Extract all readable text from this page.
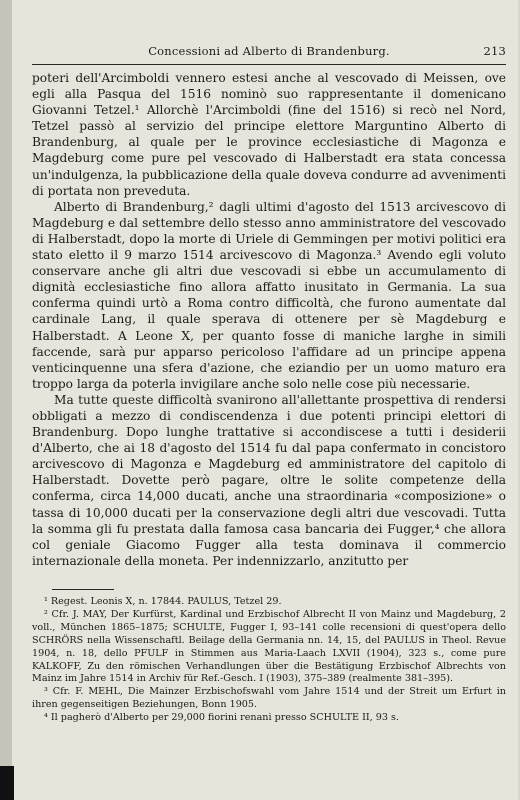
Concessioni ad Alberto di Brandenburg.	213

poteri dell'Arcimboldi vennero estesi anche al vescovado di Meissen, ove egli alla Pasqua del 1516 nominò suo rappresentante il domenicano Giovanni Tetzel.¹ Allorchè l'Arcimboldi (fine del 1516) si recò nel Nord, Tetzel passò al servizio del principe elettore Marguntino Alberto di Brandenburg, al quale per le province ecclesiastiche di Magonza e Magdeburg come pure pel vescovado di Halberstadt era stata concessa un'indulgenza, la pubblicazione della quale doveva condurre ad avvenimenti di portata non preveduta.

Alberto di Brandenburg,² dagli ultimi d'agosto del 1513 arcivescovo di Magdeburg e dal settembre dello stesso anno amministratore del vescovado di Halberstadt, dopo la morte di Uriele di Gemmingen per motivi politici era stato eletto il 9 marzo 1514 arcivescovo di Magonza.³ Avendo egli voluto conservare anche gli altri due vescovadi si ebbe un accumulamento di dignità ecclesiastiche fino allora affatto inusitato in Germania. La sua conferma quindi urtò a Roma contro difficoltà, che furono aumentate dal cardinale Lang, il quale sperava di ottenere per sè Magdeburg e Halberstadt. A Leone X, per quanto fosse di maniche larghe in simili faccende, sarà pur apparso pericoloso l'affidare ad un principe appena venticinquenne una sfera d'azione, che eziandio per un uomo maturo era troppo larga da poterla invigilare anche solo nelle cose più necessarie.

Ma tutte queste difficoltà svanirono all'allettante prospettiva di rendersi obbligati a mezzo di condiscendenza i due potenti principi elettori di Brandenburg. Dopo lunghe trattative si accondiscese a tutti i desiderii d'Alberto, che ai 18 d'agosto del 1514 fu dal papa confermato in concistoro arcivescovo di Magonza e Magdeburg ed amministratore del capitolo di Halberstadt. Dovette però pagare, oltre le solite competenze della conferma, circa 14,000 ducati, anche una straordinaria «composizione» o tassa di 10,000 ducati per la conservazione degli altri due vescovadi. Tutta la somma gli fu prestata dalla famosa casa bancaria dei Fugger,⁴ che allora col geniale Giacomo Fugger alla testa dominava il commercio internazionale della moneta. Per indennizzarlo, anzitutto per

¹ Regest. Leonis X, n. 17844. PAULUS, Tetzel 29.
² Cfr. J. MAY, Der Kurfürst, Kardinal und Erzbischof Albrecht II von Mainz und Magdeburg, 2 voll., München 1865–1875; SCHULTE, Fugger I, 93–141 colle recensioni di quest'opera dello SCHRÖRS nella Wissenschaftl. Beilage della Germania nn. 14, 15, del PAULUS in Theol. Revue 1904, n. 18, dello PFULF in Stimmen aus Maria-Laach LXVII (1904), 323 s., come pure KALKOFF, Zu den römischen Verhandlungen über die Bestätigung Erzbischof Albrechts von Mainz im Jahre 1514 in Archiv für Ref.-Gesch. I (1903), 375–389 (realmente 381–395).
³ Cfr. F. MEHL, Die Mainzer Erzbischofswahl vom Jahre 1514 und der Streit um Erfurt in ihren gegenseitigen Beziehungen, Bonn 1905.
⁴ Il pagherò d'Alberto per 29,000 fiorini renani presso SCHULTE II, 93 s.
